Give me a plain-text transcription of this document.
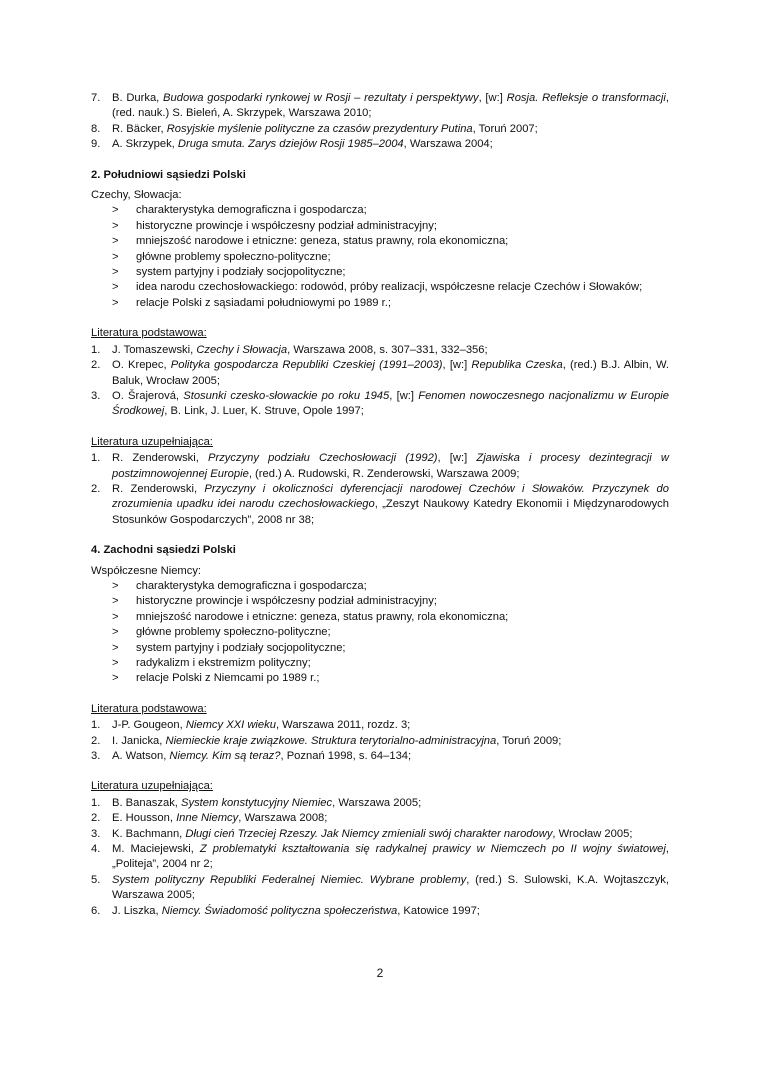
7. B. Durka, Budowa gospodarki rynkowej w Rosji – rezultaty i perspektywy, [w:] Rosja. Refleksje o transformacji, (red. nauk.) S. Bieleń, A. Skrzypek, Warszawa 2010;
8. R. Bäcker, Rosyjskie myślenie polityczne za czasów prezydentury Putina, Toruń 2007;
9. A. Skrzypek, Druga smuta. Zarys dziejów Rosji 1985–2004, Warszawa 2004;
2. Południowi sąsiedzi Polski
Czechy, Słowacja:
> charakterystyka demograficzna i gospodarcza;
> historyczne prowincje i współczesny podział administracyjny;
> mniejszość narodowe i etniczne: geneza, status prawny, rola ekonomiczna;
> główne problemy społeczno-polityczne;
> system partyjny i podziały socjopolityczne;
> idea narodu czechosłowackiego: rodowód, próby realizacji, współczesne relacje Czechów i Słowaków;
> relacje Polski z sąsiadami południowymi po 1989 r.;
Literatura podstawowa:
1. J. Tomaszewski, Czechy i Słowacja, Warszawa 2008, s. 307–331, 332–356;
2. O. Krepec, Polityka gospodarcza Republiki Czeskiej (1991–2003), [w:] Republika Czeska, (red.) B.J. Albin, W. Baluk, Wrocław 2005;
3. O. Šrajerová, Stosunki czesko-słowackie po roku 1945, [w:] Fenomen nowoczesnego nacjonalizmu w Europie Środkowej, B. Link, J. Luer, K. Struve, Opole 1997;
Literatura uzupełniająca:
1. R. Zenderowski, Przyczyny podziału Czechosłowacji (1992), [w:] Zjawiska i procesy dezintegracji w postzimnowojennej Europie, (red.) A. Rudowski, R. Zenderowski, Warszawa 2009;
2. R. Zenderowski, Przyczyny i okoliczności dyferencjacji narodowej Czechów i Słowaków. Przyczynek do zrozumienia upadku idei narodu czechosłowackiego, „Zeszyt Naukowy Katedry Ekonomii i Międzynarodowych Stosunków Gospodarczych”, 2008 nr 38;
4. Zachodni sąsiedzi Polski
Współczesne Niemcy:
> charakterystyka demograficzna i gospodarcza;
> historyczne prowincje i współczesny podział administracyjny;
> mniejszość narodowe i etniczne: geneza, status prawny, rola ekonomiczna;
> główne problemy społeczno-polityczne;
> system partyjny i podziały socjopolityczne;
> radykalizm i ekstremizm polityczny;
> relacje Polski z Niemcami po 1989 r.;
Literatura podstawowa:
1. J-P. Gougeon, Niemcy XXI wieku, Warszawa 2011, rozdz. 3;
2. I. Janicka, Niemieckie kraje związkowe. Struktura terytorialno-administracyjna, Toruń 2009;
3. A. Watson, Niemcy. Kim są teraz?, Poznań 1998, s. 64–134;
Literatura uzupełniająca:
1. B. Banaszak, System konstytucyjny Niemiec, Warszawa 2005;
2. E. Housson, Inne Niemcy, Warszawa 2008;
3. K. Bachmann, Długi cień Trzeciej Rzeszy. Jak Niemcy zmieniali swój charakter narodowy, Wrocław 2005;
4. M. Maciejewski, Z problematyki kształtowania się radykalnej prawicy w Niemczech po II wojny światowej, „Politeja”, 2004 nr 2;
5. System polityczny Republiki Federalnej Niemiec. Wybrane problemy, (red.) S. Sulowski, K.A. Wojtaszczyk, Warszawa 2005;
6. J. Liszka, Niemcy. Świadomość polityczna społeczeństwa, Katowice 1997;
2
